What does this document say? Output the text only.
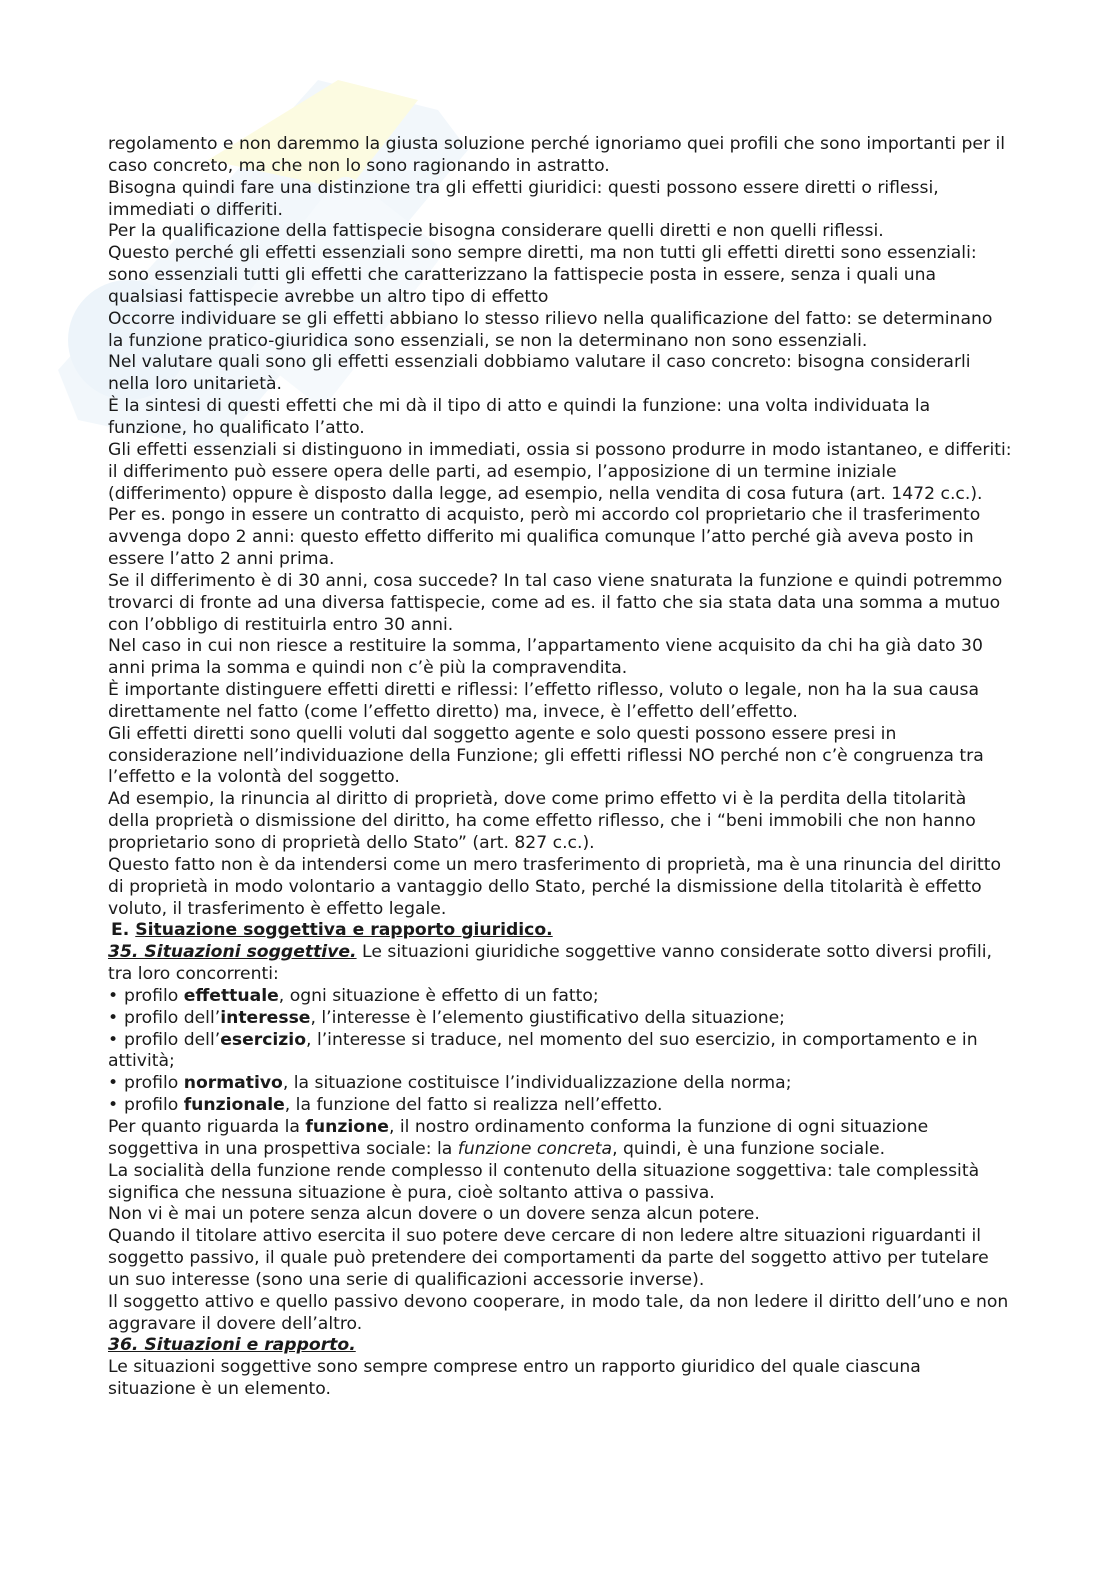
regolamento e non daremmo la giusta soluzione perché ignoriamo quei profili che sono importanti per il caso concreto, ma che non lo sono ragionando in astratto.

Bisogna quindi fare una distinzione tra gli effetti giuridici: questi possono essere diretti o riflessi, immediati o differiti.

Per la qualificazione della fattispecie bisogna considerare quelli diretti e non quelli riflessi.

Questo perché gli effetti essenziali sono sempre diretti, ma non tutti gli effetti diretti sono essenziali: sono essenziali tutti gli effetti che caratterizzano la fattispecie posta in essere, senza i quali una qualsiasi fattispecie avrebbe un altro tipo di effetto

Occorre individuare se gli effetti abbiano lo stesso rilievo nella qualificazione del fatto: se determinano la funzione pratico-giuridica sono essenziali, se non la determinano non sono essenziali.

Nel valutare quali sono gli effetti essenziali dobbiamo valutare il caso concreto: bisogna considerarli nella loro unitarietà.

È la sintesi di questi effetti che mi dà il tipo di atto e quindi la funzione: una volta individuata la funzione, ho qualificato l’atto.

Gli effetti essenziali si distinguono in immediati, ossia si possono produrre in modo istantaneo, e differiti: il differimento può essere opera delle parti, ad esempio, l’apposizione di un termine iniziale (differimento) oppure è disposto dalla legge, ad esempio, nella vendita di cosa futura (art. 1472 c.c.).

Per es. pongo in essere un contratto di acquisto, però mi accordo col proprietario che il trasferimento avvenga dopo 2 anni: questo effetto differito mi qualifica comunque l’atto perché già aveva posto in essere l’atto 2 anni prima.

Se il differimento è di 30 anni, cosa succede? In tal caso viene snaturata la funzione e quindi potremmo trovarci di fronte ad una diversa fattispecie, come ad es. il fatto che sia stata data una somma a mutuo con l’obbligo di restituirla entro 30 anni.

Nel caso in cui non riesce a restituire la somma, l’appartamento viene acquisito da chi ha già dato 30 anni prima la somma e quindi non c’è più la compravendita.

È importante distinguere effetti diretti e riflessi: l’effetto riflesso, voluto o legale, non ha la sua causa direttamente nel fatto (come l’effetto diretto) ma, invece, è l’effetto dell’effetto.

Gli effetti diretti sono quelli voluti dal soggetto agente e solo questi possono essere presi in considerazione nell’individuazione della Funzione; gli effetti riflessi NO perché non c’è congruenza tra l’effetto e la volontà del soggetto.

Ad esempio, la rinuncia al diritto di proprietà, dove come primo effetto vi è la perdita della titolarità della proprietà o dismissione del diritto, ha come effetto riflesso, che i “beni immobili che non hanno proprietario sono di proprietà dello Stato” (art. 827 c.c.).

Questo fatto non è da intendersi come un mero trasferimento di proprietà, ma è una rinuncia del diritto di proprietà in modo volontario a vantaggio dello Stato, perché la dismissione della titolarità è effetto voluto, il trasferimento è effetto legale.

E. Situazione soggettiva e rapporto giuridico.

35. Situazioni soggettive. Le situazioni giuridiche soggettive vanno considerate sotto diversi profili, tra loro concorrenti:

• profilo effettuale, ogni situazione è effetto di un fatto;
• profilo dell’interesse, l’interesse è l’elemento giustificativo della situazione;
• profilo dell’esercizio, l’interesse si traduce, nel momento del suo esercizio, in comportamento e in attività;
• profilo normativo, la situazione costituisce l’individualizzazione della norma;
• profilo funzionale, la funzione del fatto si realizza nell’effetto.

Per quanto riguarda la funzione, il nostro ordinamento conforma la funzione di ogni situazione soggettiva in una prospettiva sociale: la funzione concreta, quindi, è una funzione sociale.

La socialità della funzione rende complesso il contenuto della situazione soggettiva: tale complessità significa che nessuna situazione è pura, cioè soltanto attiva o passiva.

Non vi è mai un potere senza alcun dovere o un dovere senza alcun potere.

Quando il titolare attivo esercita il suo potere deve cercare di non ledere altre situazioni riguardanti il soggetto passivo, il quale può pretendere dei comportamenti da parte del soggetto attivo per tutelare un suo interesse (sono una serie di qualificazioni accessorie inverse).

Il soggetto attivo e quello passivo devono cooperare, in modo tale, da non ledere il diritto dell’uno e non aggravare il dovere dell’altro.

36. Situazioni e rapporto.

Le situazioni soggettive sono sempre comprese entro un rapporto giuridico del quale ciascuna situazione è un elemento.
